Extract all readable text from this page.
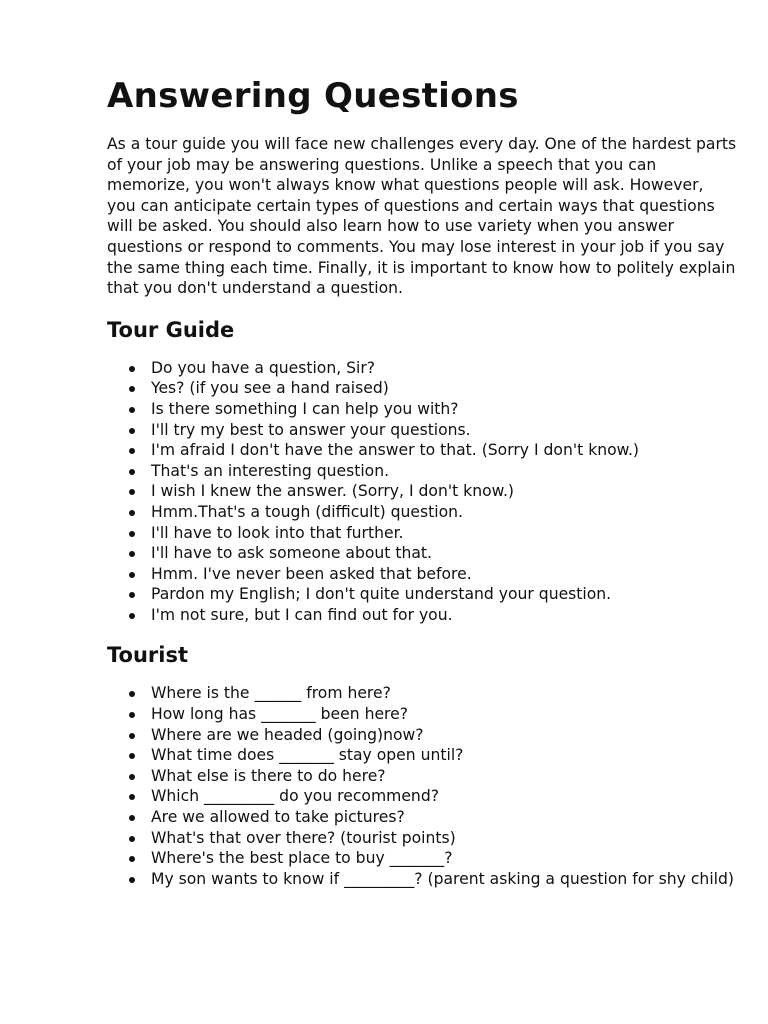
Answering Questions

As a tour guide you will face new challenges every day. One of the hardest parts of your job may be answering questions. Unlike a speech that you can memorize, you won't always know what questions people will ask. However, you can anticipate certain types of questions and certain ways that questions will be asked. You should also learn how to use variety when you answer questions or respond to comments. You may lose interest in your job if you say the same thing each time. Finally, it is important to know how to politely explain that you don't understand a question.

Tour Guide
Do you have a question, Sir?
Yes? (if you see a hand raised)
Is there something I can help you with?
I'll try my best to answer your questions.
I'm afraid I don't have the answer to that. (Sorry I don't know.)
That's an interesting question.
I wish I knew the answer. (Sorry, I don't know.)
Hmm.That's a tough (difficult) question.
I'll have to look into that further.
I'll have to ask someone about that.
Hmm. I've never been asked that before.
Pardon my English; I don't quite understand your question.
I'm not sure, but I can find out for you.
Tourist
Where is the ______ from here?
How long has _______ been here?
Where are we headed (going)now?
What time does _______ stay open until?
What else is there to do here?
Which _________ do you recommend?
Are we allowed to take pictures?
What's that over there? (tourist points)
Where's the best place to buy _______?
My son wants to know if _________? (parent asking a question for shy child)
